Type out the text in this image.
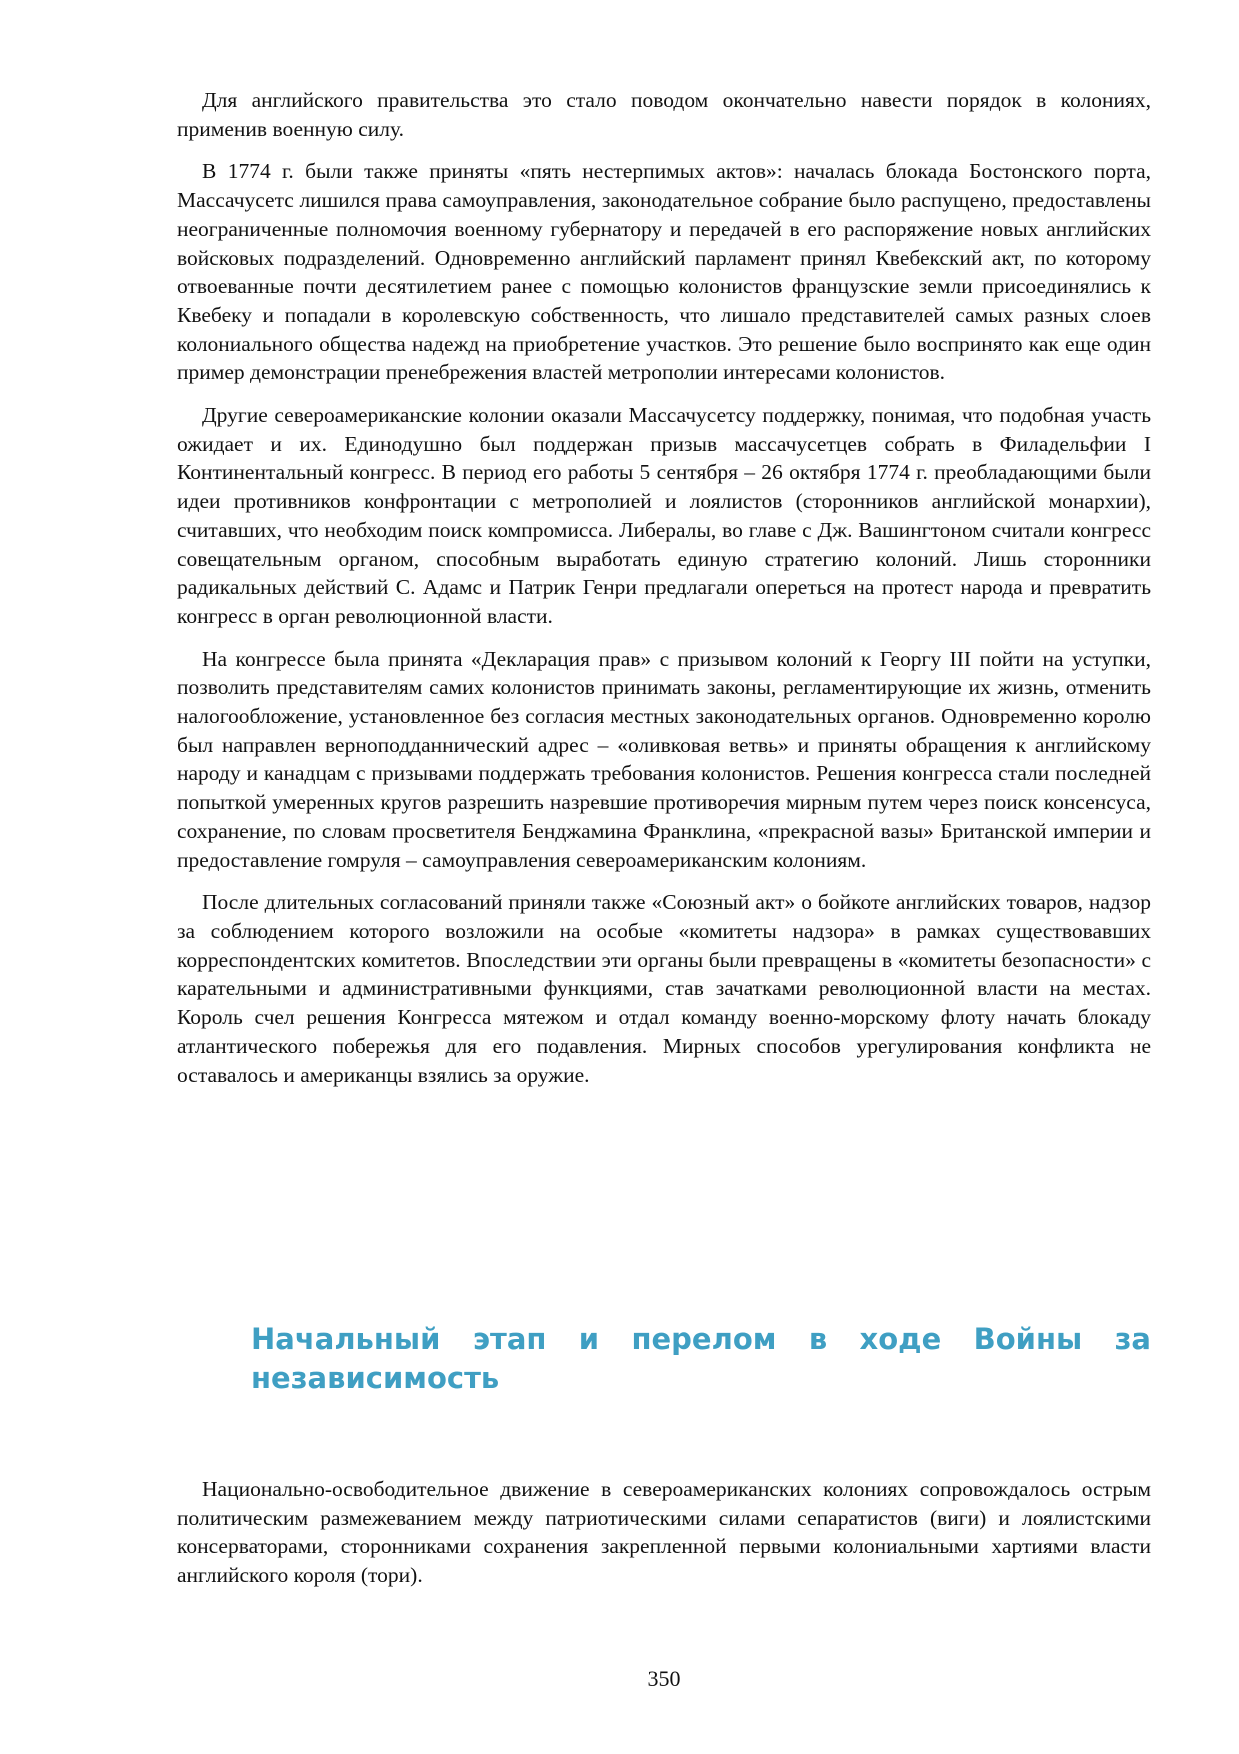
Для английского правительства это стало поводом окончательно навести порядок в колониях, применив военную силу.

В 1774 г. были также приняты «пять нестерпимых актов»: началась блокада Бостонского порта, Массачусетс лишился права самоуправления, законодательное собрание было распущено, предоставлены неограниченные полномочия военному губернатору и передачей в его распоряжение новых английских войсковых подразделений. Одновременно английский парламент принял Квебекский акт, по которому отвоеванные почти десятилетием ранее с помощью колонистов французские земли присоединялись к Квебеку и попадали в королевскую собственность, что лишало представителей самых разных слоев колониального общества надежд на приобретение участков. Это решение было воспринято как еще один пример демонстрации пренебрежения властей метрополии интересами колонистов.

Другие североамериканские колонии оказали Массачусетсу поддержку, понимая, что подобная участь ожидает и их. Единодушно был поддержан призыв массачусетцев собрать в Филадельфии I Континентальный конгресс. В период его работы 5 сентября – 26 октября 1774 г. преобладающими были идеи противников конфронтации с метрополией и лоялистов (сторонников английской монархии), считавших, что необходим поиск компромисса. Либералы, во главе с Дж. Вашингтоном считали конгресс совещательным органом, способным выработать единую стратегию колоний. Лишь сторонники радикальных действий С. Адамс и Патрик Генри предлагали опереться на протест народа и превратить конгресс в орган революционной власти.

На конгрессе была принята «Декларация прав» с призывом колоний к Георгу III пойти на уступки, позволить представителям самих колонистов принимать законы, регламентирующие их жизнь, отменить налогообложение, установленное без согласия местных законодательных органов. Одновременно королю был направлен верноподданнический адрес – «оливковая ветвь» и приняты обращения к английскому народу и канадцам с призывами поддержать требования колонистов. Решения конгресса стали последней попыткой умеренных кругов разрешить назревшие противоречия мирным путем через поиск консенсуса, сохранение, по словам просветителя Бенджамина Франклина, «прекрасной вазы» Британской империи и предоставление гомруля – самоуправления североамериканским колониям.

После длительных согласований приняли также «Союзный акт» о бойкоте английских товаров, надзор за соблюдением которого возложили на особые «комитеты надзора» в рамках существовавших корреспондентских комитетов. Впоследствии эти органы были превращены в «комитеты безопасности» с карательными и административными функциями, став зачатками революционной власти на местах. Король счел решения Конгресса мятежом и отдал команду военно-морскому флоту начать блокаду атлантического побережья для его подавления. Мирных способов урегулирования конфликта не оставалось и американцы взялись за оружие.

Начальный этап и перелом в ходе Войны за независимость

Национально-освободительное движение в североамериканских колониях сопровождалось острым политическим размежеванием между патриотическими силами сепаратистов (виги) и лоялистскими консерваторами, сторонниками сохранения закрепленной первыми колониальными хартиями власти английского короля (тори).

350
